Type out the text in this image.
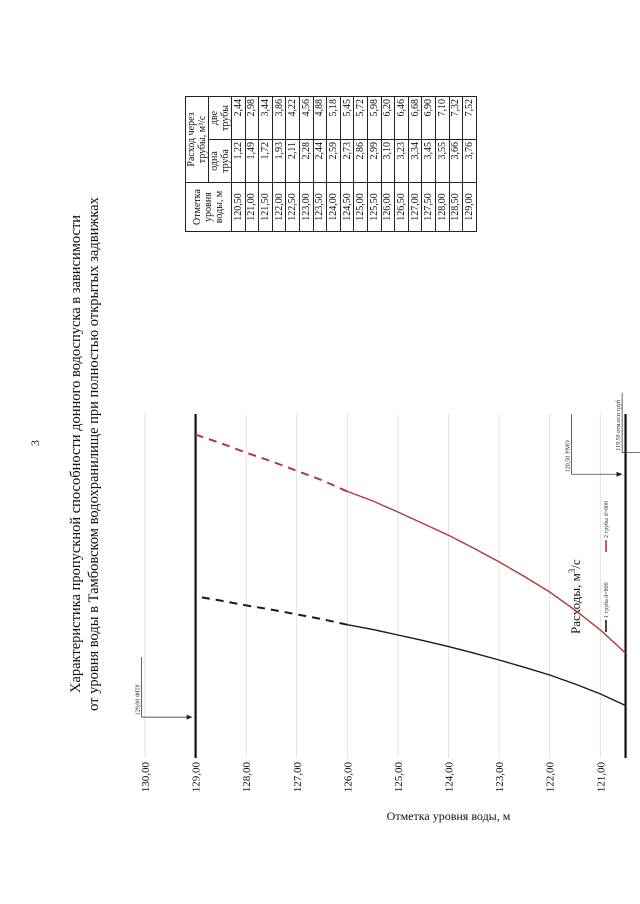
3 Характеристика пропускной способности донного водоспуска в зависимости от уровня воды в Тамбовском водохранилище при полностью открытых задвижках
121,00
122,00
123,00
124,00
125,00
126,00
127,00
128,00
129,00
130,00
Отметка уровня воды, м
Расходы, $м^3/с$
129,00 ФПУ
120,50 УМО
119,50 отм.оси труб
1 труба d=800
2 трубы d=800
Отметка уровня воды, м	Расход через трубы, м³/с	
	одна труба	две трубы
120,50	1,22	2,44
121,00	1,49	2,98
121,50	1,72	3,44
122,00	1,93	3,86
122,50	2,11	4,22
123,00	2,28	4,56
123,50	2,44	4,88
124,00	2,59	5,18
124,50	2,73	5,45
125,00	2,86	5,72
125,50	2,99	5,98
126,00	3,10	6,20
126,50	3,23	6,46
127,00	3,34	6,68
127,50	3,45	6,90
128,00	3,55	7,10
128,50	3,66	7,32
129,00	3,76	7,52
